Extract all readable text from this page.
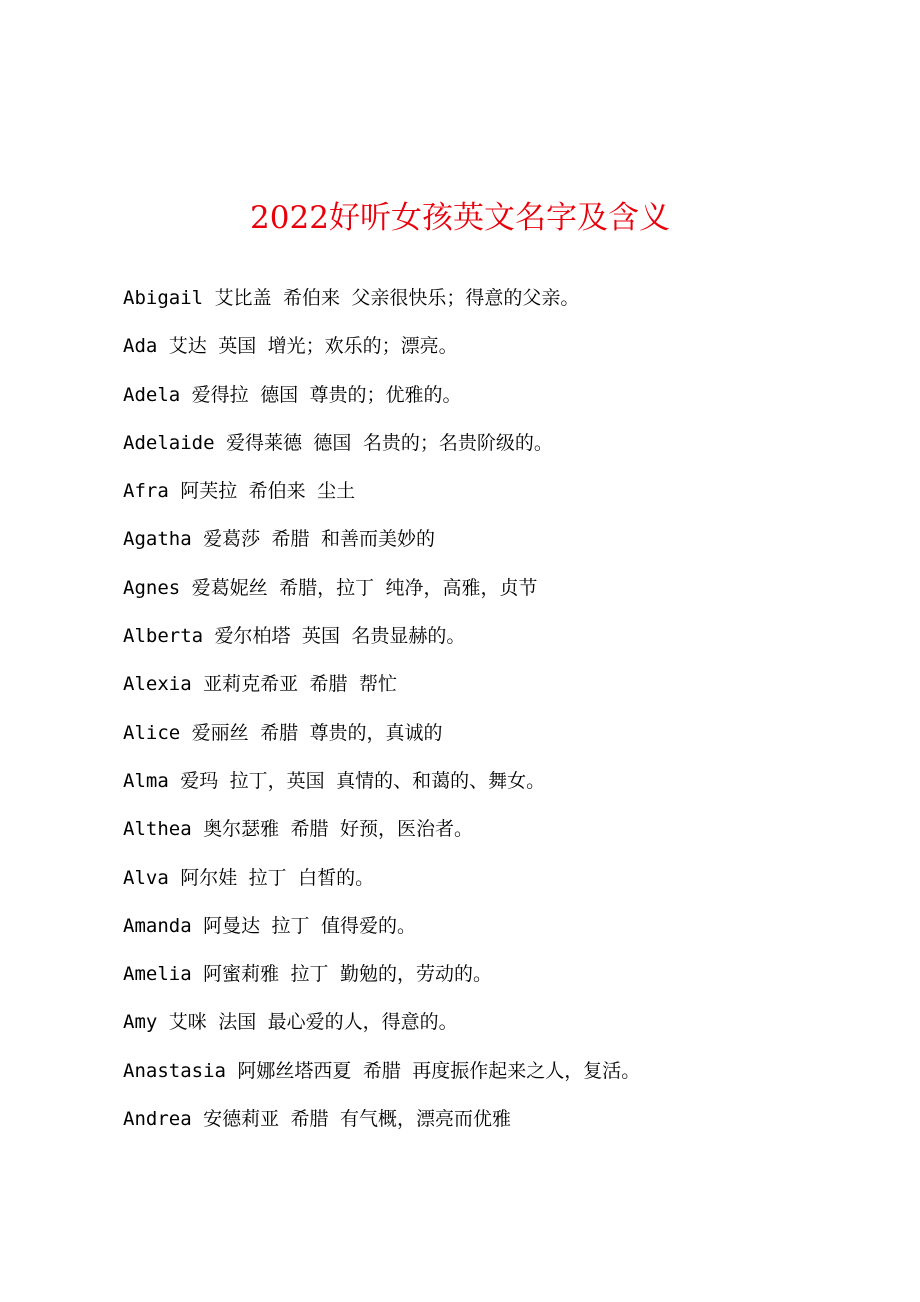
2022好听女孩英文名字及含义
Abigail 艾比盖 希伯来 父亲很快乐；得意的父亲。
Ada 艾达 英国 增光；欢乐的；漂亮。
Adela 爱得拉 德国 尊贵的；优雅的。
Adelaide 爱得莱德 德国 名贵的；名贵阶级的。
Afra 阿芙拉 希伯来 尘土
Agatha 爱葛莎 希腊 和善而美妙的
Agnes 爱葛妮丝 希腊，拉丁 纯净，高雅，贞节
Alberta 爱尔柏塔 英国 名贵显赫的。
Alexia 亚莉克希亚 希腊 帮忙
Alice 爱丽丝 希腊 尊贵的，真诚的
Alma 爱玛 拉丁，英国 真情的、和蔼的、舞女。
Althea 奥尔瑟雅 希腊 好预，医治者。
Alva 阿尔娃 拉丁 白皙的。
Amanda 阿曼达 拉丁 值得爱的。
Amelia 阿蜜莉雅 拉丁 勤勉的，劳动的。
Amy 艾咪 法国 最心爱的人，得意的。
Anastasia 阿娜丝塔西夏 希腊 再度振作起来之人，复活。
Andrea 安德莉亚 希腊 有气概，漂亮而优雅
